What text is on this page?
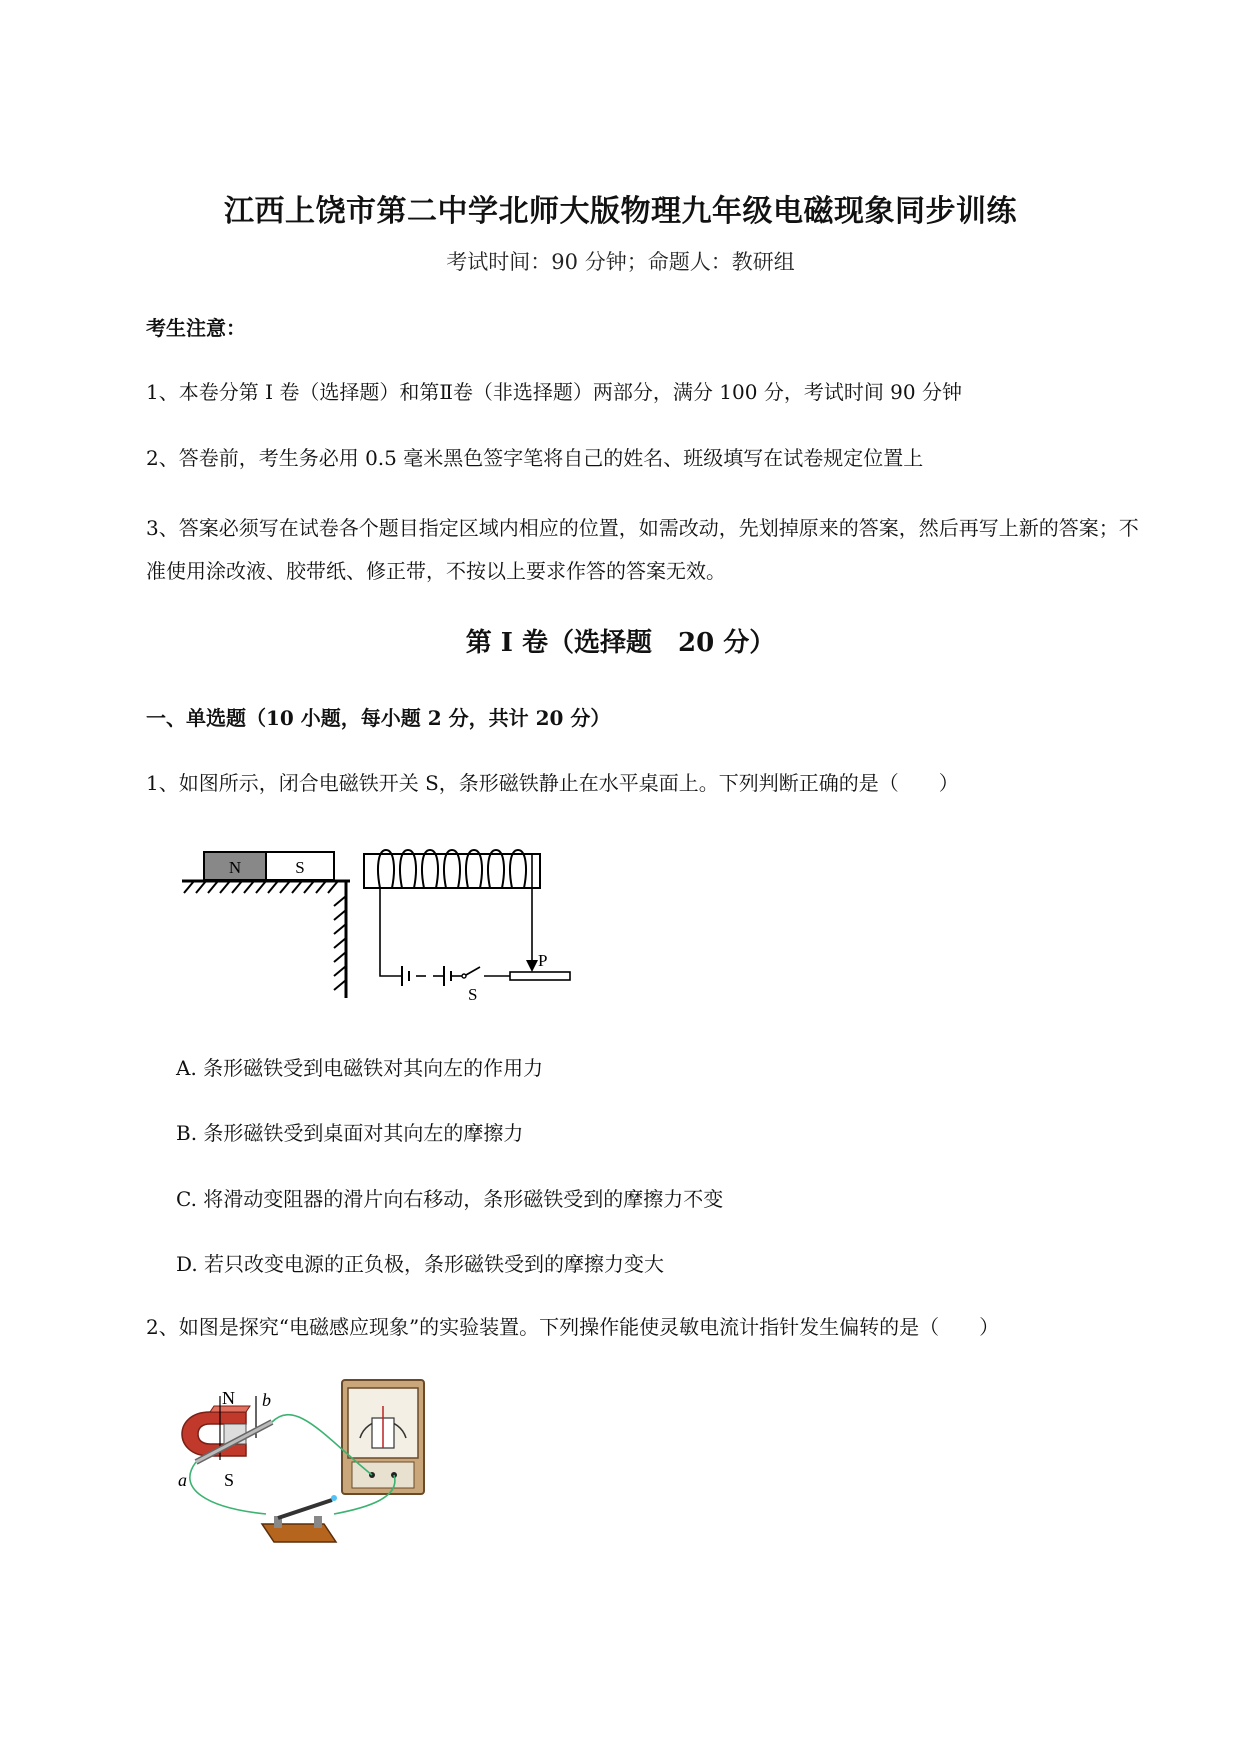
江西上饶市第二中学北师大版物理九年级电磁现象同步训练
考试时间：90 分钟；命题人：教研组
考生注意：
1、本卷分第 I 卷（选择题）和第Ⅱ卷（非选择题）两部分，满分 100 分，考试时间 90 分钟
2、答卷前，考生务必用 0.5 毫米黑色签字笔将自己的姓名、班级填写在试卷规定位置上
3、答案必须写在试卷各个题目指定区域内相应的位置，如需改动，先划掉原来的答案，然后再写上新的答案；不准使用涂改液、胶带纸、修正带，不按以上要求作答的答案无效。
第 I 卷（选择题　20 分）
一、单选题（10 小题，每小题 2 分，共计 20 分）
1、如图所示，闭合电磁铁开关 S，条形磁铁静止在水平桌面上。下列判断正确的是（　　）
N	S
S
P
A. 条形磁铁受到电磁铁对其向左的作用力
B. 条形磁铁受到桌面对其向左的摩擦力
C. 将滑动变阻器的滑片向右移动，条形磁铁受到的摩擦力不变
D. 若只改变电源的正负极，条形磁铁受到的摩擦力变大
2、如图是探究“电磁感应现象”的实验装置。下列操作能使灵敏电流计指针发生偏转的是（　　）
N
S
a
b
